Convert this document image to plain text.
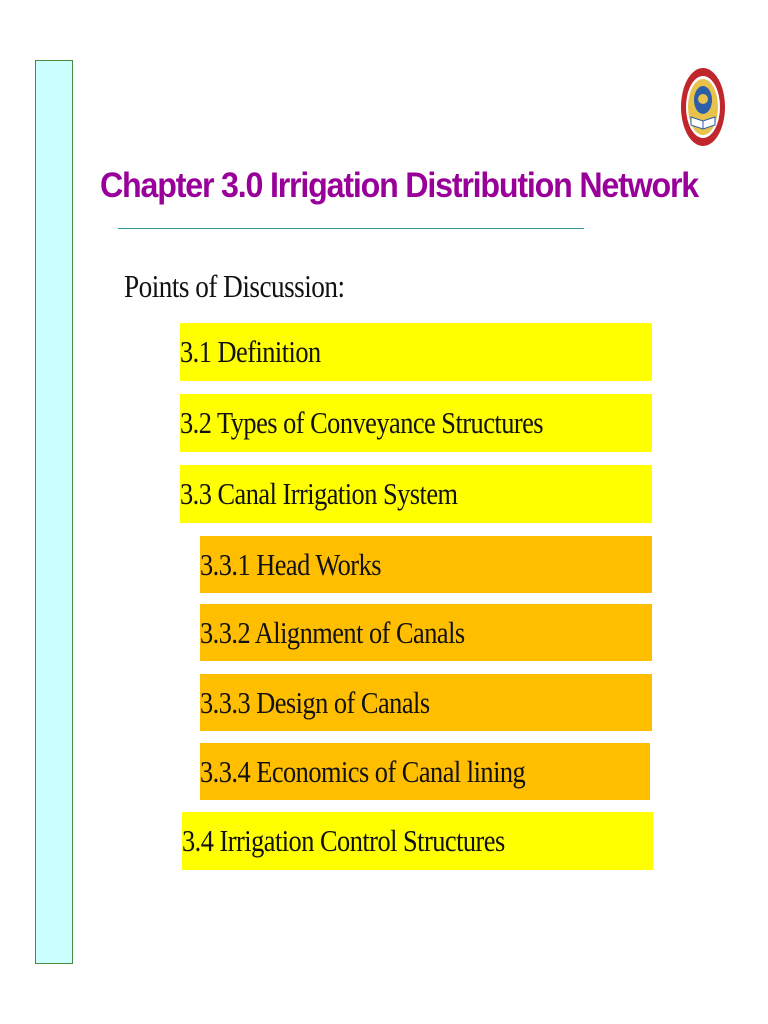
Chapter 3.0 Irrigation Distribution Network
Points of Discussion:
3.1 Definition
3.2 Types of Conveyance Structures
3.3 Canal Irrigation System
3.3.1 Head Works
3.3.2 Alignment of Canals
3.3.3 Design of Canals
3.3.4 Economics of Canal lining
3.4 Irrigation Control Structures
